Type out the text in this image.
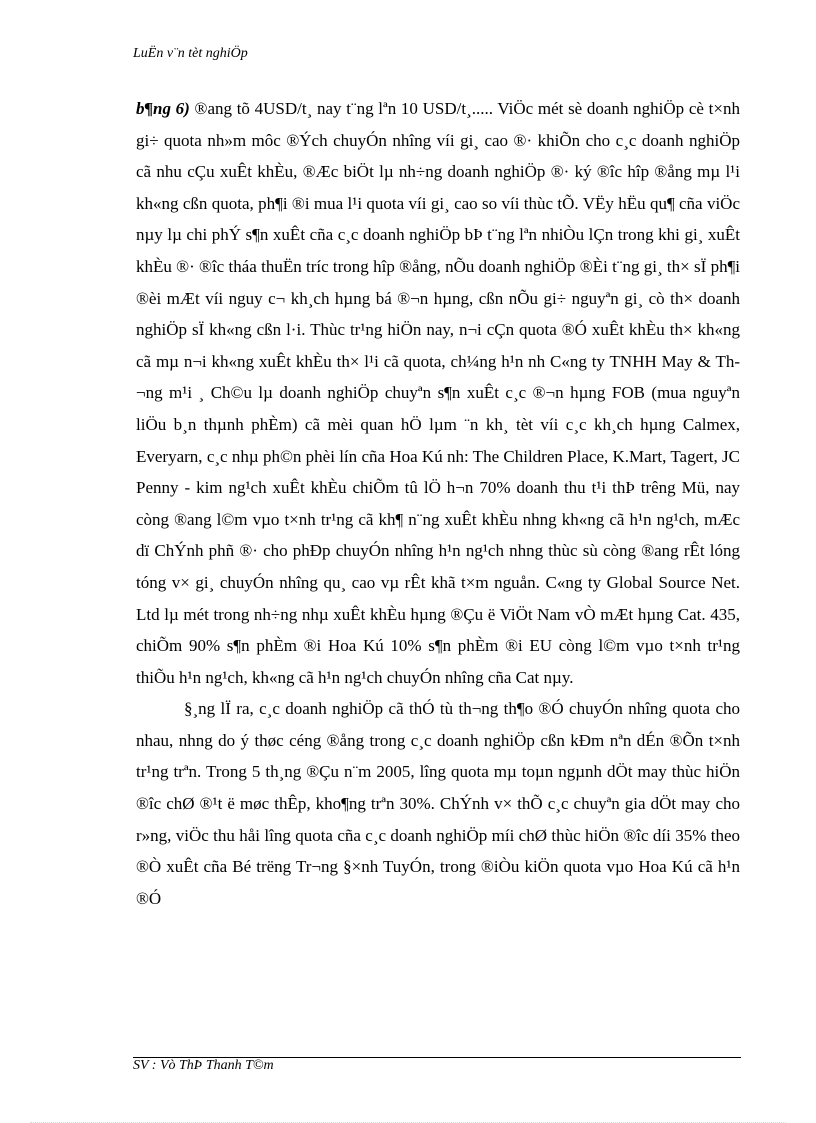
LuËn v¨n tèt nghiÖp

b¶ng 6) ®ang tõ 4USD/t¸ nay t¨ng lªn 10 USD/t¸..... ViÖc mét sè doanh nghiÖp cè t×nh gi÷ quota nh»m môc ®Ých chuyÓn nhîng víi gi¸ cao ®· khiÕn cho c¸c doanh nghiÖp cã nhu cÇu xuÊt khÈu, ®Æc biÖt lµ nh÷ng doanh nghiÖp ®· ký ®îc hîp ®ång mµ l¹i kh«ng cßn quota, ph¶i ®i mua l¹i quota víi gi¸ cao so víi thùc tÕ. VËy hËu qu¶ cña viÖc nµy lµ chi phÝ s¶n xuÊt cña c¸c doanh nghiÖp bÞ t¨ng lªn nhiÒu lÇn trong khi gi¸ xuÊt khÈu ®· ®îc tháa thuËn tríc trong hîp ®ång, nÕu doanh nghiÖp ®Èi t¨ng gi¸ th× sÏ ph¶i ®èi mÆt víi nguy c¬ kh¸ch hµng bá ®¬n hµng, cßn nÕu gi÷ nguyªn gi¸ cò th× doanh nghiÖp sÏ kh«ng cßn l·i. Thùc tr¹ng hiÖn nay, n¬i cÇn quota ®Ó xuÊt khÈu th× kh«ng cã mµ n¬i kh«ng xuÊt khÈu th× l¹i cã quota, ch¼ng h¹n nh C«ng ty TNHH May & Th¬ng m¹i ¸ Ch©u lµ doanh nghiÖp chuyªn s¶n xuÊt c¸c ®¬n hµng FOB (mua nguyªn liÖu b¸n thµnh phÈm) cã mèi quan hÖ lµm ¨n kh¸ tèt víi c¸c kh¸ch hµng Calmex, Everyarn, c¸c nhµ ph©n phèi lín cña Hoa Kú nh: The Children Place, K.Mart, Tagert, JC Penny - kim ng¹ch xuÊt khÈu chiÕm tû lÖ h¬n 70% doanh thu t¹i thÞ trêng Mü, nay còng ®ang l©m vµo t×nh tr¹ng cã kh¶ n¨ng xuÊt khÈu nhng kh«ng cã h¹n ng¹ch, mÆc dï ChÝnh phñ ®· cho phÐp chuyÓn nhîng h¹n ng¹ch nhng thùc sù còng ®ang rÊt lóng tóng v× gi¸ chuyÓn nhîng qu¸ cao vµ rÊt khã t×m nguån. C«ng ty Global Source Net. Ltd lµ mét trong nh÷ng nhµ xuÊt khÈu hµng ®Çu ë ViÖt Nam vÒ mÆt hµng Cat. 435, chiÕm 90% s¶n phÈm ®i Hoa Kú 10% s¶n phÈm ®i EU còng l©m vµo t×nh tr¹ng thiÕu h¹n ng¹ch, kh«ng cã h¹n ng¹ch chuyÓn nhîng cña Cat nµy.

§¸ng lÏ ra, c¸c doanh nghiÖp cã thÓ tù th¬ng th¶o ®Ó chuyÓn nhîng quota cho nhau, nhng do ý thøc céng ®ång trong c¸c doanh nghiÖp cßn kÐm nªn dÉn ®Õn t×nh tr¹ng trªn. Trong 5 th¸ng ®Çu n¨m 2005, lîng quota mµ toµn ngµnh dÖt may thùc hiÖn ®îc chØ ®¹t ë møc thÊp, kho¶ng trªn 30%. ChÝnh v× thÕ c¸c chuyªn gia dÖt may cho r»ng, viÖc thu håi lîng quota cña c¸c doanh nghiÖp míi chØ thùc hiÖn ®îc díi 35% theo ®Ò xuÊt cña Bé trëng Tr¬ng §×nh TuyÓn, trong ®iÒu kiÖn quota vµo Hoa Kú cã h¹n ®Ó

SV : Vò ThÞ Thanh T©m
